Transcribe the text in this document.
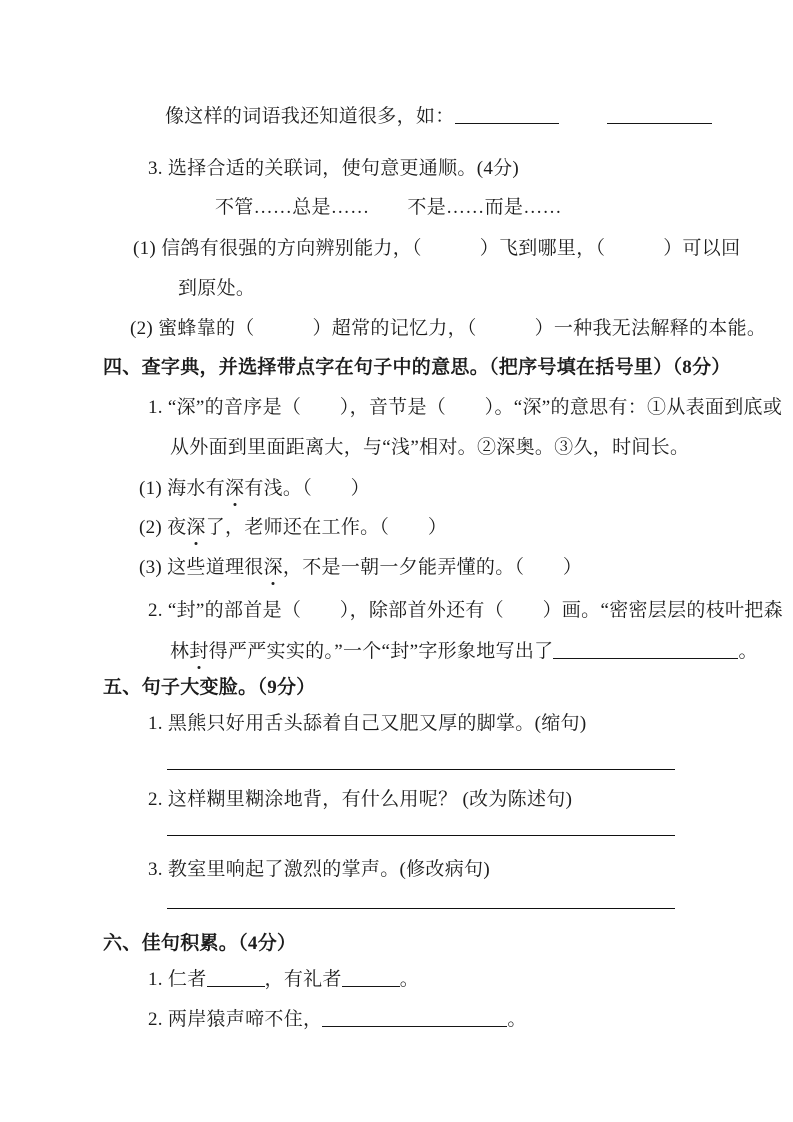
像这样的词语我还知道很多，如：
3. 选择合适的关联词，使句意更通顺。(4分)
不管……总是…… 不是……而是……
(1) 信鸽有很强的方向辨别能力，（　　　）飞到哪里，（　　　）可以回
到原处。
(2) 蜜蜂靠的（　　　）超常的记忆力，（　　　）一种我无法解释的本能。
四、查字典，并选择带点字在句子中的意思。（把序号填在括号里）（8分）
1. “深”的音序是（　　），音节是（　　）。“深”的意思有：①从表面到底或
从外面到里面距离大，与“浅”相对。②深奥。③久，时间长。
(1) 海水有深有浅。（　　）
(2) 夜深了，老师还在工作。（　　）
(3) 这些道理很深，不是一朝一夕能弄懂的。（　　）
2. “封”的部首是（　　），除部首外还有（　　）画。“密密层层的枝叶把森
林封得严严实实的。”一个“封”字形象地写出了	。
五、句子大变脸。（9分）
1. 黑熊只好用舌头舔着自己又肥又厚的脚掌。(缩句)
2. 这样糊里糊涂地背，有什么用呢？ (改为陈述句)
3. 教室里响起了激烈的掌声。(修改病句)
六、佳句积累。（4分）
1. 仁者	，有礼者	。
2. 两岸猿声啼不住，	。
